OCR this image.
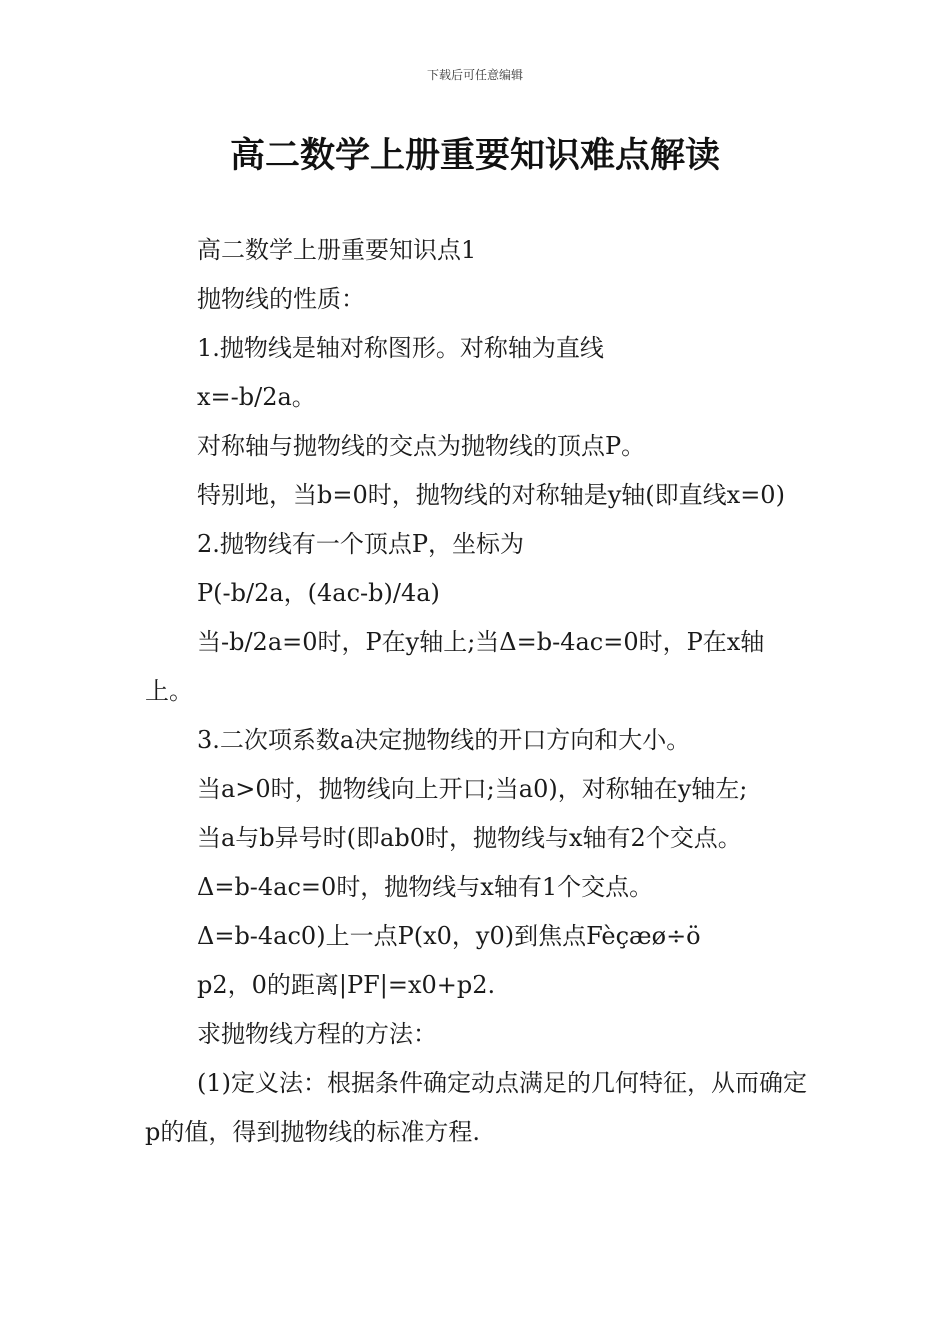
下载后可任意编辑
高二数学上册重要知识难点解读

高二数学上册重要知识点1

抛物线的性质：

1.抛物线是轴对称图形。对称轴为直线

x=-b/2a。

对称轴与抛物线的交点为抛物线的顶点P。

特别地，当b=0时，抛物线的对称轴是y轴(即直线x=0)

2.抛物线有一个顶点P，坐标为

P(-b/2a，(4ac-b)/4a)

当-b/2a=0时，P在y轴上;当Δ=b-4ac=0时，P在x轴上。

3.二次项系数a决定抛物线的开口方向和大小。

当a>0时，抛物线向上开口;当a0)，对称轴在y轴左;

当a与b异号时(即ab0时，抛物线与x轴有2个交点。

Δ=b-4ac=0时，抛物线与x轴有1个交点。

Δ=b-4ac0)上一点P(x0，y0)到焦点Fèçæø÷ö

p2，0的距离|PF|=x0+p2.

求抛物线方程的方法：

(1)定义法：根据条件确定动点满足的几何特征，从而确定p的值，得到抛物线的标准方程.
